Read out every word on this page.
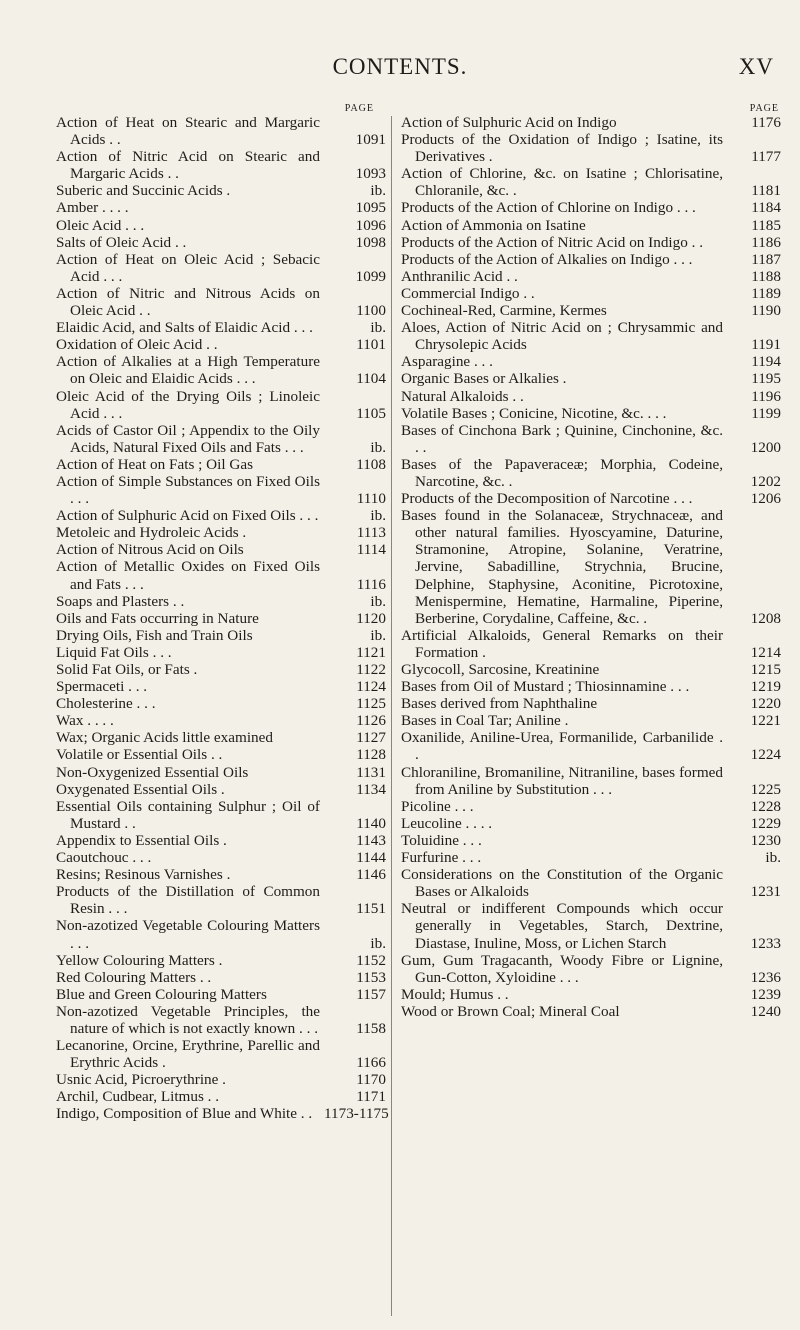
CONTENTS.	XV
PAGE
Action of Heat on Stearic and Margaric Acids . .	1091
Action of Nitric Acid on Stearic and Margaric Acids . .	1093
Suberic and Succinic Acids .	ib.
Amber . . . .	1095
Oleic Acid . . .	1096
Salts of Oleic Acid . .	1098
Action of Heat on Oleic Acid ; Sebacic Acid . . .	1099
Action of Nitric and Nitrous Acids on Oleic Acid . .	1100
Elaidic Acid, and Salts of Elaidic Acid . . .	ib.
Oxidation of Oleic Acid . .	1101
Action of Alkalies at a High Temperature on Oleic and Elaidic Acids . . .	1104
Oleic Acid of the Drying Oils ; Linoleic Acid . . .	1105
Acids of Castor Oil ; Appendix to the Oily Acids, Natural Fixed Oils and Fats . . .	ib.
Action of Heat on Fats ; Oil Gas	1108
Action of Simple Substances on Fixed Oils . . .	1110
Action of Sulphuric Acid on Fixed Oils . . .	ib.
Metoleic and Hydroleic Acids .	1113
Action of Nitrous Acid on Oils	1114
Action of Metallic Oxides on Fixed Oils and Fats . . .	1116
Soaps and Plasters . .	ib.
Oils and Fats occurring in Nature	1120
Drying Oils, Fish and Train Oils	ib.
Liquid Fat Oils . . .	1121
Solid Fat Oils, or Fats .	1122
Spermaceti . . .	1124
Cholesterine . . .	1125
Wax . . . .	1126
Wax; Organic Acids little examined	1127
Volatile or Essential Oils . .	1128
Non-Oxygenized Essential Oils	1131
Oxygenated Essential Oils .	1134
Essential Oils containing Sulphur ; Oil of Mustard . .	1140
Appendix to Essential Oils .	1143
Caoutchouc . . .	1144
Resins; Resinous Varnishes .	1146
Products of the Distillation of Common Resin . . .	1151
Non-azotized Vegetable Colouring Matters . . .	ib.
Yellow Colouring Matters .	1152
Red Colouring Matters . .	1153
Blue and Green Colouring Matters	1157
Non-azotized Vegetable Principles, the nature of which is not exactly known . . .	1158
Lecanorine, Orcine, Erythrine, Parellic and Erythric Acids .	1166
Usnic Acid, Picroerythrine .	1170
Archil, Cudbear, Litmus . .	1171
Indigo, Composition of Blue and White . . 1173-1175
PAGE
Action of Sulphuric Acid on Indigo	1176
Products of the Oxidation of Indigo ; Isatine, its Derivatives .	1177
Action of Chlorine, &c. on Isatine ; Chlorisatine, Chloranile, &c. .	1181
Products of the Action of Chlorine on Indigo . . .	1184
Action of Ammonia on Isatine	1185
Products of the Action of Nitric Acid on Indigo . .	1186
Products of the Action of Alkalies on Indigo . . .	1187
Anthranilic Acid . .	1188
Commercial Indigo . .	1189
Cochineal-Red, Carmine, Kermes	1190
Aloes, Action of Nitric Acid on ; Chrysammic and Chrysolepic Acids	1191
Asparagine . . .	1194
Organic Bases or Alkalies .	1195
Natural Alkaloids . .	1196
Volatile Bases ; Conicine, Nicotine, &c. . . .	1199
Bases of Cinchona Bark ; Quinine, Cinchonine, &c. . .	1200
Bases of the Papaveraceæ; Morphia, Codeine, Narcotine, &c. .	1202
Products of the Decomposition of Narcotine . . .	1206
Bases found in the Solanaceæ, Strychnaceæ, and other natural families. Hyoscyamine, Daturine, Stramonine, Atropine, Solanine, Veratrine, Jervine, Sabadilline, Strychnia, Brucine, Delphine, Staphysine, Aconitine, Picrotoxine, Menispermine, Hematine, Harmaline, Piperine, Berberine, Corydaline, Caffeine, &c. .	1208
Artificial Alkaloids, General Remarks on their Formation .	1214
Glycocoll, Sarcosine, Kreatinine	1215
Bases from Oil of Mustard ; Thiosinnamine . . .	1219
Bases derived from Naphthaline	1220
Bases in Coal Tar; Aniline .	1221
Oxanilide, Aniline-Urea, Formanilide, Carbanilide . .	1224
Chloraniline, Bromaniline, Nitraniline, bases formed from Aniline by Substitution . . .	1225
Picoline . . .	1228
Leucoline . . . .	1229
Toluidine . . .	1230
Furfurine . . .	ib.
Considerations on the Constitution of the Organic Bases or Alkaloids	1231
Neutral or indifferent Compounds which occur generally in Vegetables, Starch, Dextrine, Diastase, Inuline, Moss, or Lichen Starch	1233
Gum, Gum Tragacanth, Woody Fibre or Lignine, Gun-Cotton, Xyloidine . . .	1236
Mould; Humus . .	1239
Wood or Brown Coal; Mineral Coal	1240
